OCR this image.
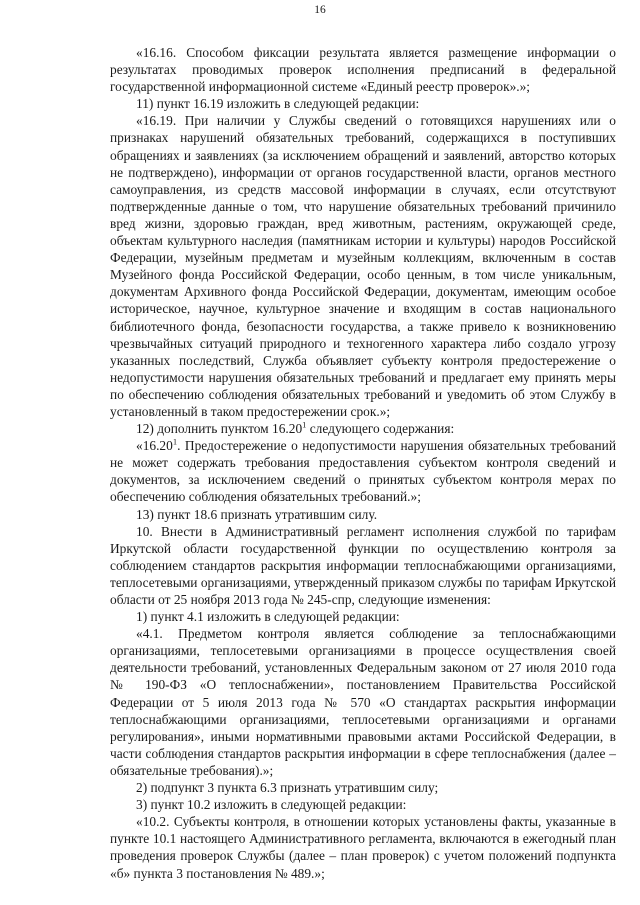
16

«16.16. Способом фиксации результата является размещение информации о результатах проводимых проверок исполнения предписаний в федеральной государственной информационной системе «Единый реестр проверок».»;

11) пункт 16.19 изложить в следующей редакции:

«16.19. При наличии у Службы сведений о готовящихся нарушениях или о признаках нарушений обязательных требований, содержащихся в поступивших обращениях и заявлениях (за исключением обращений и заявлений, авторство которых не подтверждено), информации от органов государственной власти, органов местного самоуправления, из средств массовой информации в случаях, если отсутствуют подтвержденные данные о том, что нарушение обязательных требований причинило вред жизни, здоровью граждан, вред животным, растениям, окружающей среде, объектам культурного наследия (памятникам истории и культуры) народов Российской Федерации, музейным предметам и музейным коллекциям, включенным в состав Музейного фонда Российской Федерации, особо ценным, в том числе уникальным, документам Архивного фонда Российской Федерации, документам, имеющим особое историческое, научное, культурное значение и входящим в состав национального библиотечного фонда, безопасности государства, а также привело к возникновению чрезвычайных ситуаций природного и техногенного характера либо создало угрозу указанных последствий, Служба объявляет субъекту контроля предостережение о недопустимости нарушения обязательных требований и предлагает ему принять меры по обеспечению соблюдения обязательных требований и уведомить об этом Службу в установленный в таком предостережении срок.»;

12) дополнить пунктом 16.20$^1$ следующего содержания:

«16.20$^1$. Предостережение о недопустимости нарушения обязательных требований не может содержать требования предоставления субъектом контроля сведений и документов, за исключением сведений о принятых субъектом контроля мерах по обеспечению соблюдения обязательных требований.»;

13) пункт 18.6 признать утратившим силу.

10. Внести в Административный регламент исполнения службой по тарифам Иркутской области государственной функции по осуществлению контроля за соблюдением стандартов раскрытия информации теплоснабжающими организациями, теплосетевыми организациями, утвержденный приказом службы по тарифам Иркутской области от 25 ноября 2013 года № 245-спр, следующие изменения:

1) пункт 4.1 изложить в следующей редакции:

«4.1. Предметом контроля является соблюдение за теплоснабжающими организациями, теплосетевыми организациями в процессе осуществления своей деятельности требований, установленных Федеральным законом от 27 июля 2010 года № 190-ФЗ «О теплоснабжении», постановлением Правительства Российской Федерации от 5 июля 2013 года № 570 «О стандартах раскрытия информации теплоснабжающими организациями, теплосетевыми организациями и органами регулирования», иными нормативными правовыми актами Российской Федерации, в части соблюдения стандартов раскрытия информации в сфере теплоснабжения (далее – обязательные требования).»;

2) подпункт 3 пункта 6.3 признать утратившим силу;

3) пункт 10.2 изложить в следующей редакции:

«10.2. Субъекты контроля, в отношении которых установлены факты, указанные в пункте 10.1 настоящего Административного регламента, включаются в ежегодный план проведения проверок Службы (далее – план проверок) с учетом положений подпункта «б» пункта 3 постановления № 489.»;
